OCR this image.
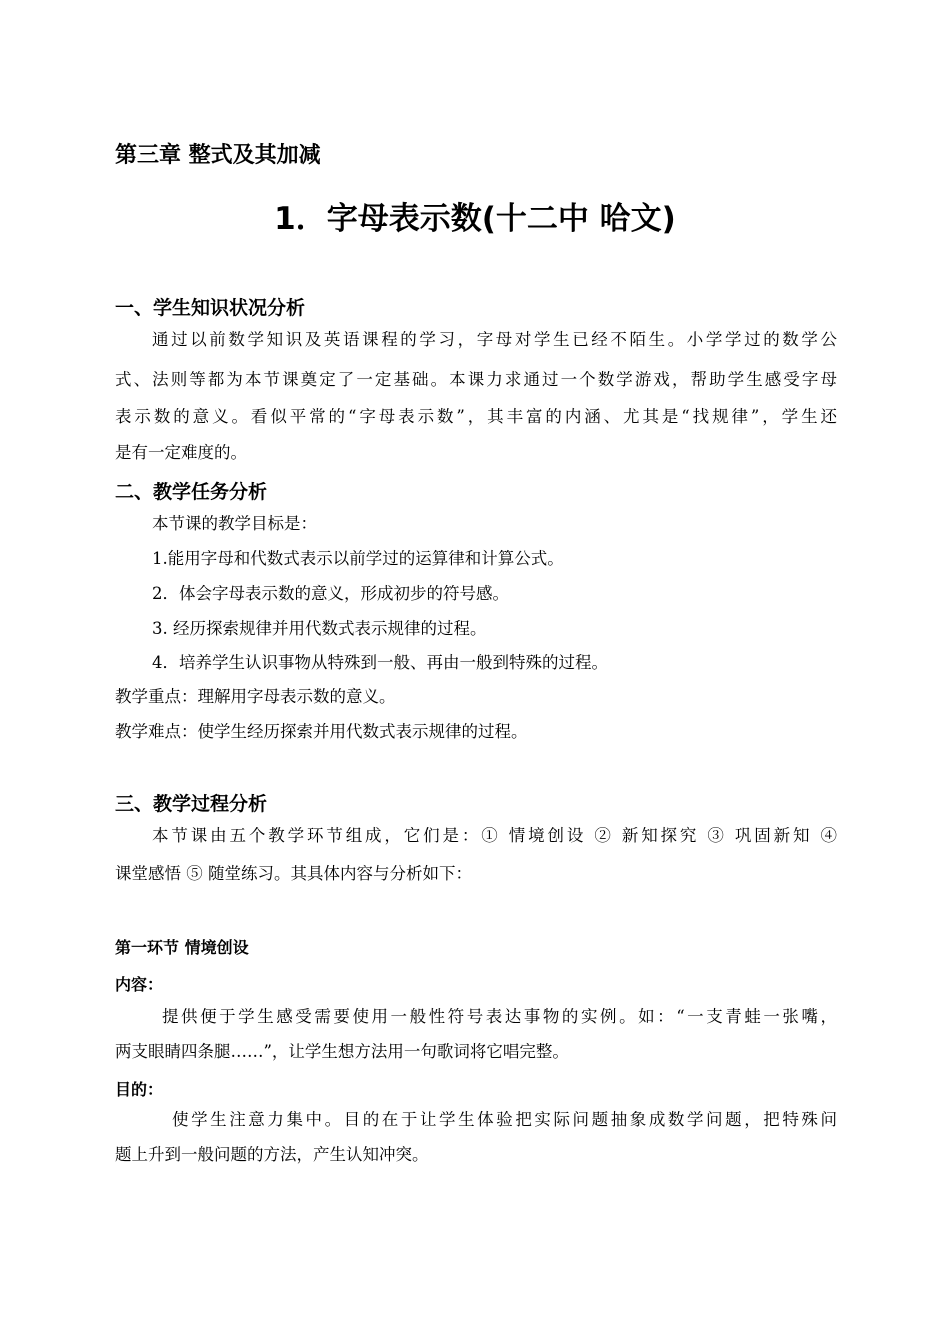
第三章 整式及其加减
1．字母表示数(十二中 哈文)
一、学生知识状况分析
通过以前数学知识及英语课程的学习，字母对学生已经不陌生。小学学过的数学公
式、法则等都为本节课奠定了一定基础。本课力求通过一个数学游戏，帮助学生感受字母
表示数的意义。看似平常的“字母表示数”，其丰富的内涵、尤其是“找规律”，学生还
是有一定难度的。
二、教学任务分析
本节课的教学目标是：
1.能用字母和代数式表示以前学过的运算律和计算公式。
2．体会字母表示数的意义，形成初步的符号感。
3. 经历探索规律并用代数式表示规律的过程。
4．培养学生认识事物从特殊到一般、再由一般到特殊的过程。
教学重点：理解用字母表示数的意义。
教学难点：使学生经历探索并用代数式表示规律的过程。
三、教学过程分析
本节课由五个教学环节组成，它们是：① 情境创设 ② 新知探究 ③ 巩固新知 ④
课堂感悟 ⑤ 随堂练习。其具体内容与分析如下：
第一环节 情境创设
内容：
提供便于学生感受需要使用一般性符号表达事物的实例。如：“一支青蛙一张嘴，
两支眼睛四条腿……”，让学生想方法用一句歌词将它唱完整。
目的：
使学生注意力集中。目的在于让学生体验把实际问题抽象成数学问题，把特殊问
题上升到一般问题的方法，产生认知冲突。
